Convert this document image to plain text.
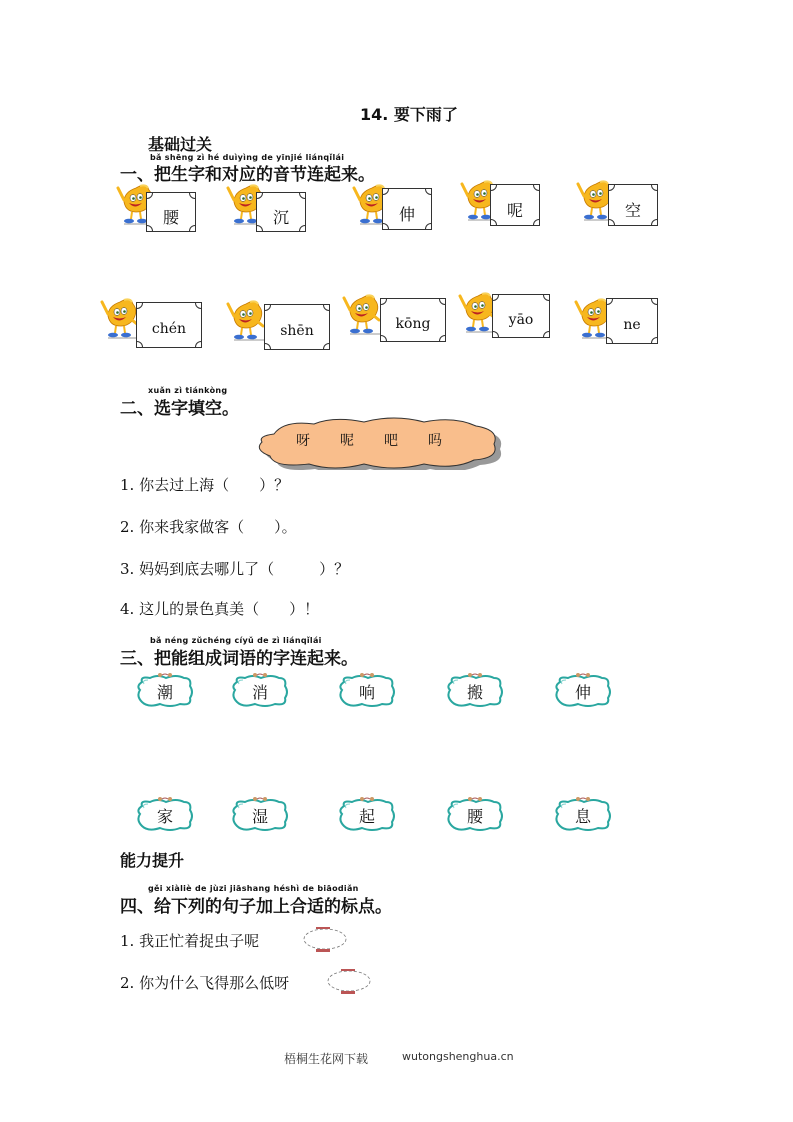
14. 要下雨了
基础过关
bǎ shēng zì hé duìyìng de yīnjié liánqǐlái
一、把生字和对应的音节连起来。
腰	沉	伸	呢	空
chén	shēn	kōng	yāo	ne
xuǎn zì tiánkòng
二、选字填空。
呀 呢 吧 吗
1. 你去过上海（　　）？
2. 你来我家做客（　　）。
3. 妈妈到底去哪儿了（　　　）？
4. 这儿的景色真美（　　）！
bǎ néng zǔchéng cíyǔ de zì liánqǐlái
三、把能组成词语的字连起来。
潮	消	响	搬	伸
家	湿	起	腰	息
能力提升
gěi xiàliè de jùzi jiāshang héshì de biāodiǎn
四、给下列的句子加上合适的标点。
1. 我正忙着捉虫子呢
2. 你为什么飞得那么低呀
梧桐生花网下载	wutongshenghua.cn
